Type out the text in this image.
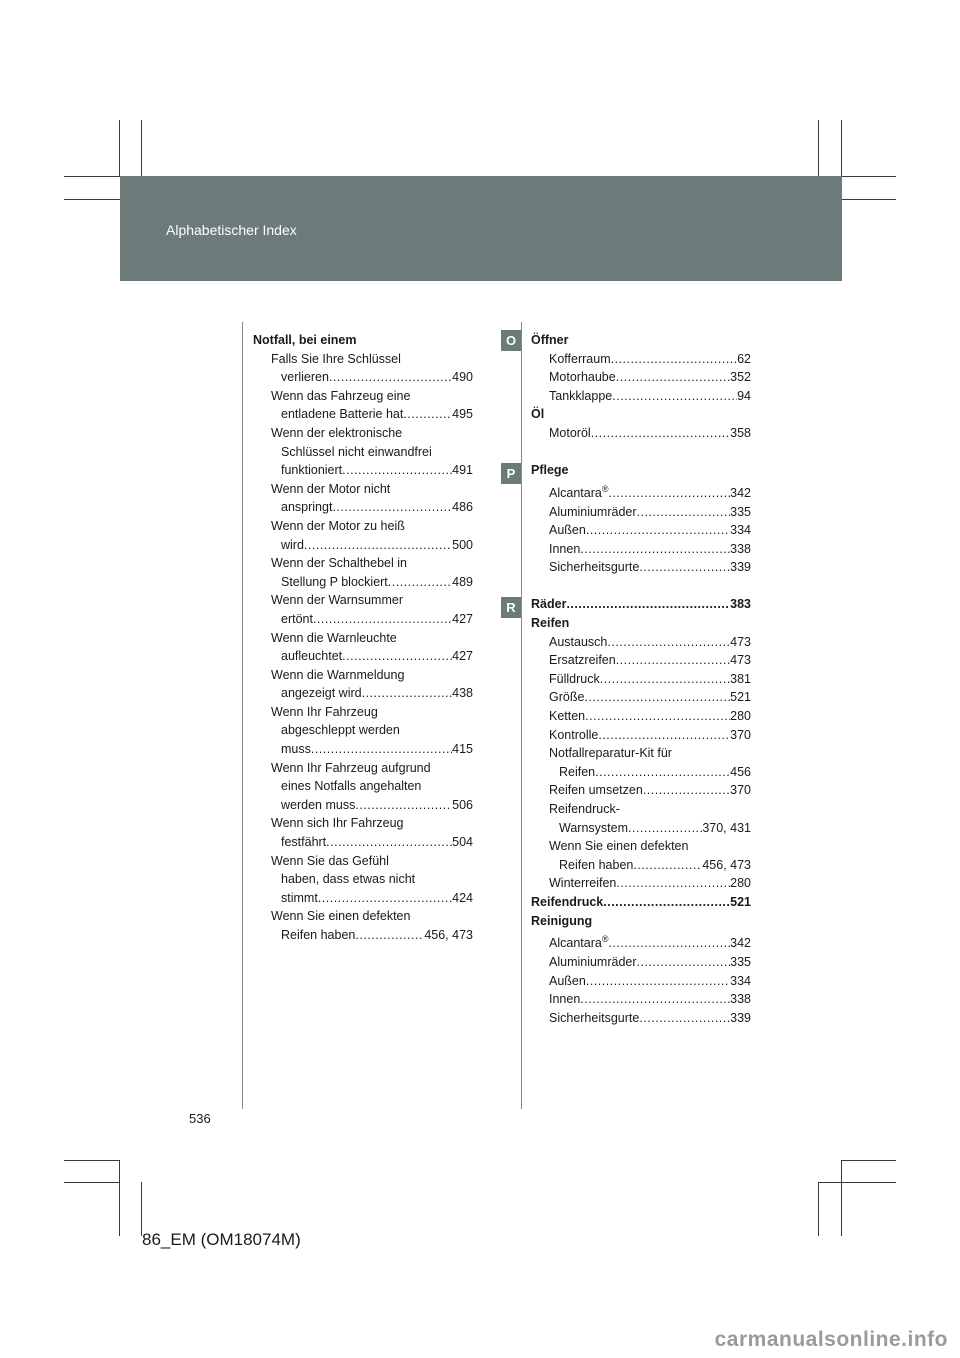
Alphabetischer Index
O
P
R
Notfall, bei einem
Falls Sie Ihre Schlüssel
verlieren .....	490
Wenn das Fahrzeug eine
entladene Batterie hat .....	495
Wenn der elektronische
Schlüssel nicht einwandfrei
funktioniert .....	491
Wenn der Motor nicht
anspringt .....	486
Wenn der Motor zu heiß
wird .....	500
Wenn der Schalthebel in
Stellung P blockiert .....	489
Wenn der Warnsummer
ertönt .....	427
Wenn die Warnleuchte
aufleuchtet .....	427
Wenn die Warnmeldung
angezeigt wird .....	438
Wenn Ihr Fahrzeug
abgeschleppt werden
muss .....	415
Wenn Ihr Fahrzeug aufgrund
eines Notfalls angehalten
werden muss .....	506
Wenn sich Ihr Fahrzeug
festfährt .....	504
Wenn Sie das Gefühl
haben, dass etwas nicht
stimmt .....	424
Wenn Sie einen defekten
Reifen haben .....	456, 473
Öffner
Kofferraum .....	62
Motorhaube .....	352
Tankklappe .....	94
Öl
Motoröl .....	358
Pflege
Alcantara® .....	342
Aluminiumräder .....	335
Außen .....	334
Innen .....	338
Sicherheitsgurte .....	339
Räder .....	383
Reifen
Austausch .....	473
Ersatzreifen .....	473
Fülldruck .....	381
Größe .....	521
Ketten .....	280
Kontrolle .....	370
Notfallreparatur-Kit für
Reifen .....	456
Reifen umsetzen .....	370
Reifendruck-
Warnsystem .....	370, 431
Wenn Sie einen defekten
Reifen haben .....	456, 473
Winterreifen .....	280
Reifendruck .....	521
Reinigung
Alcantara® .....	342
Aluminiumräder .....	335
Außen .....	334
Innen .....	338
Sicherheitsgurte .....	339
536
86_EM (OM18074M)
carmanualsonline.info
